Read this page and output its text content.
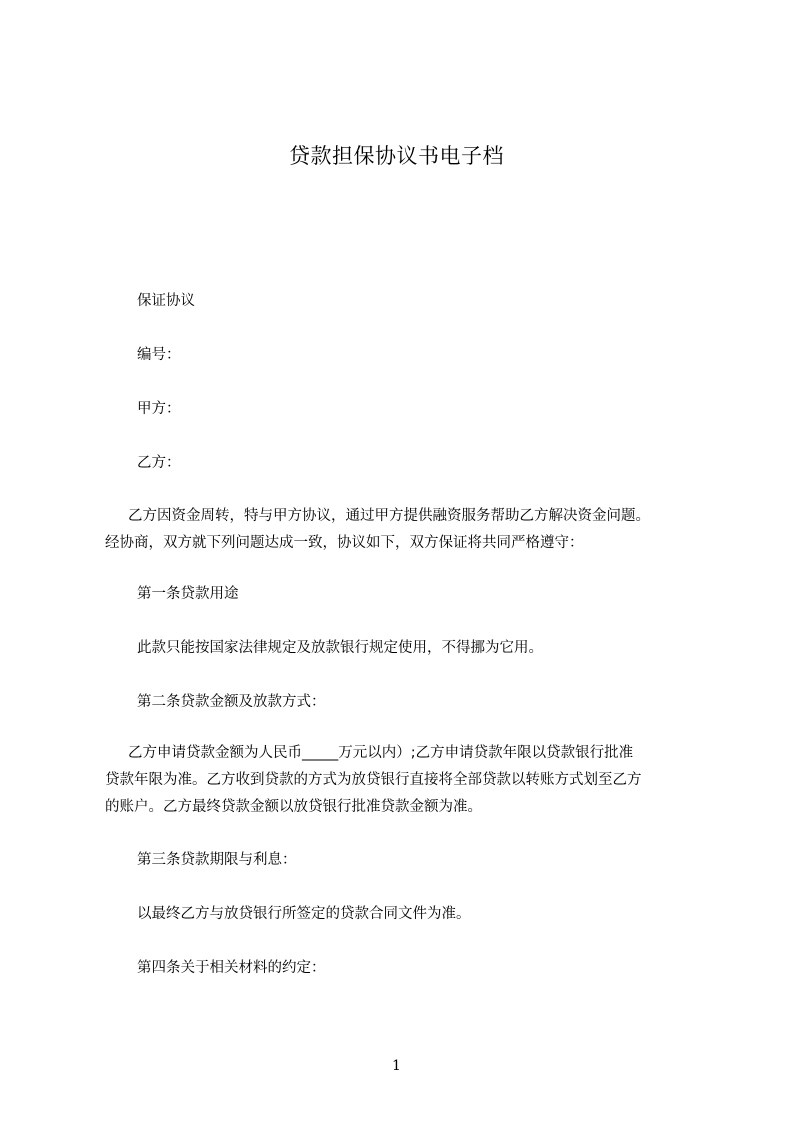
贷款担保协议书电子档
保证协议
编号：
甲方：
乙方：
乙方因资金周转，特与甲方协议，通过甲方提供融资服务帮助乙方解决资金问题。
经协商，双方就下列问题达成一致，协议如下，双方保证将共同严格遵守：
第一条贷款用途
此款只能按国家法律规定及放款银行规定使用，不得挪为它用。
第二条贷款金额及放款方式：
乙方申请贷款金额为人民币_____万元以内）;乙方申请贷款年限以贷款银行批准
贷款年限为准。乙方收到贷款的方式为放贷银行直接将全部贷款以转账方式划至乙方
的账户。乙方最终贷款金额以放贷银行批准贷款金额为准。
第三条贷款期限与利息：
以最终乙方与放贷银行所签定的贷款合同文件为准。
第四条关于相关材料的约定：
1
